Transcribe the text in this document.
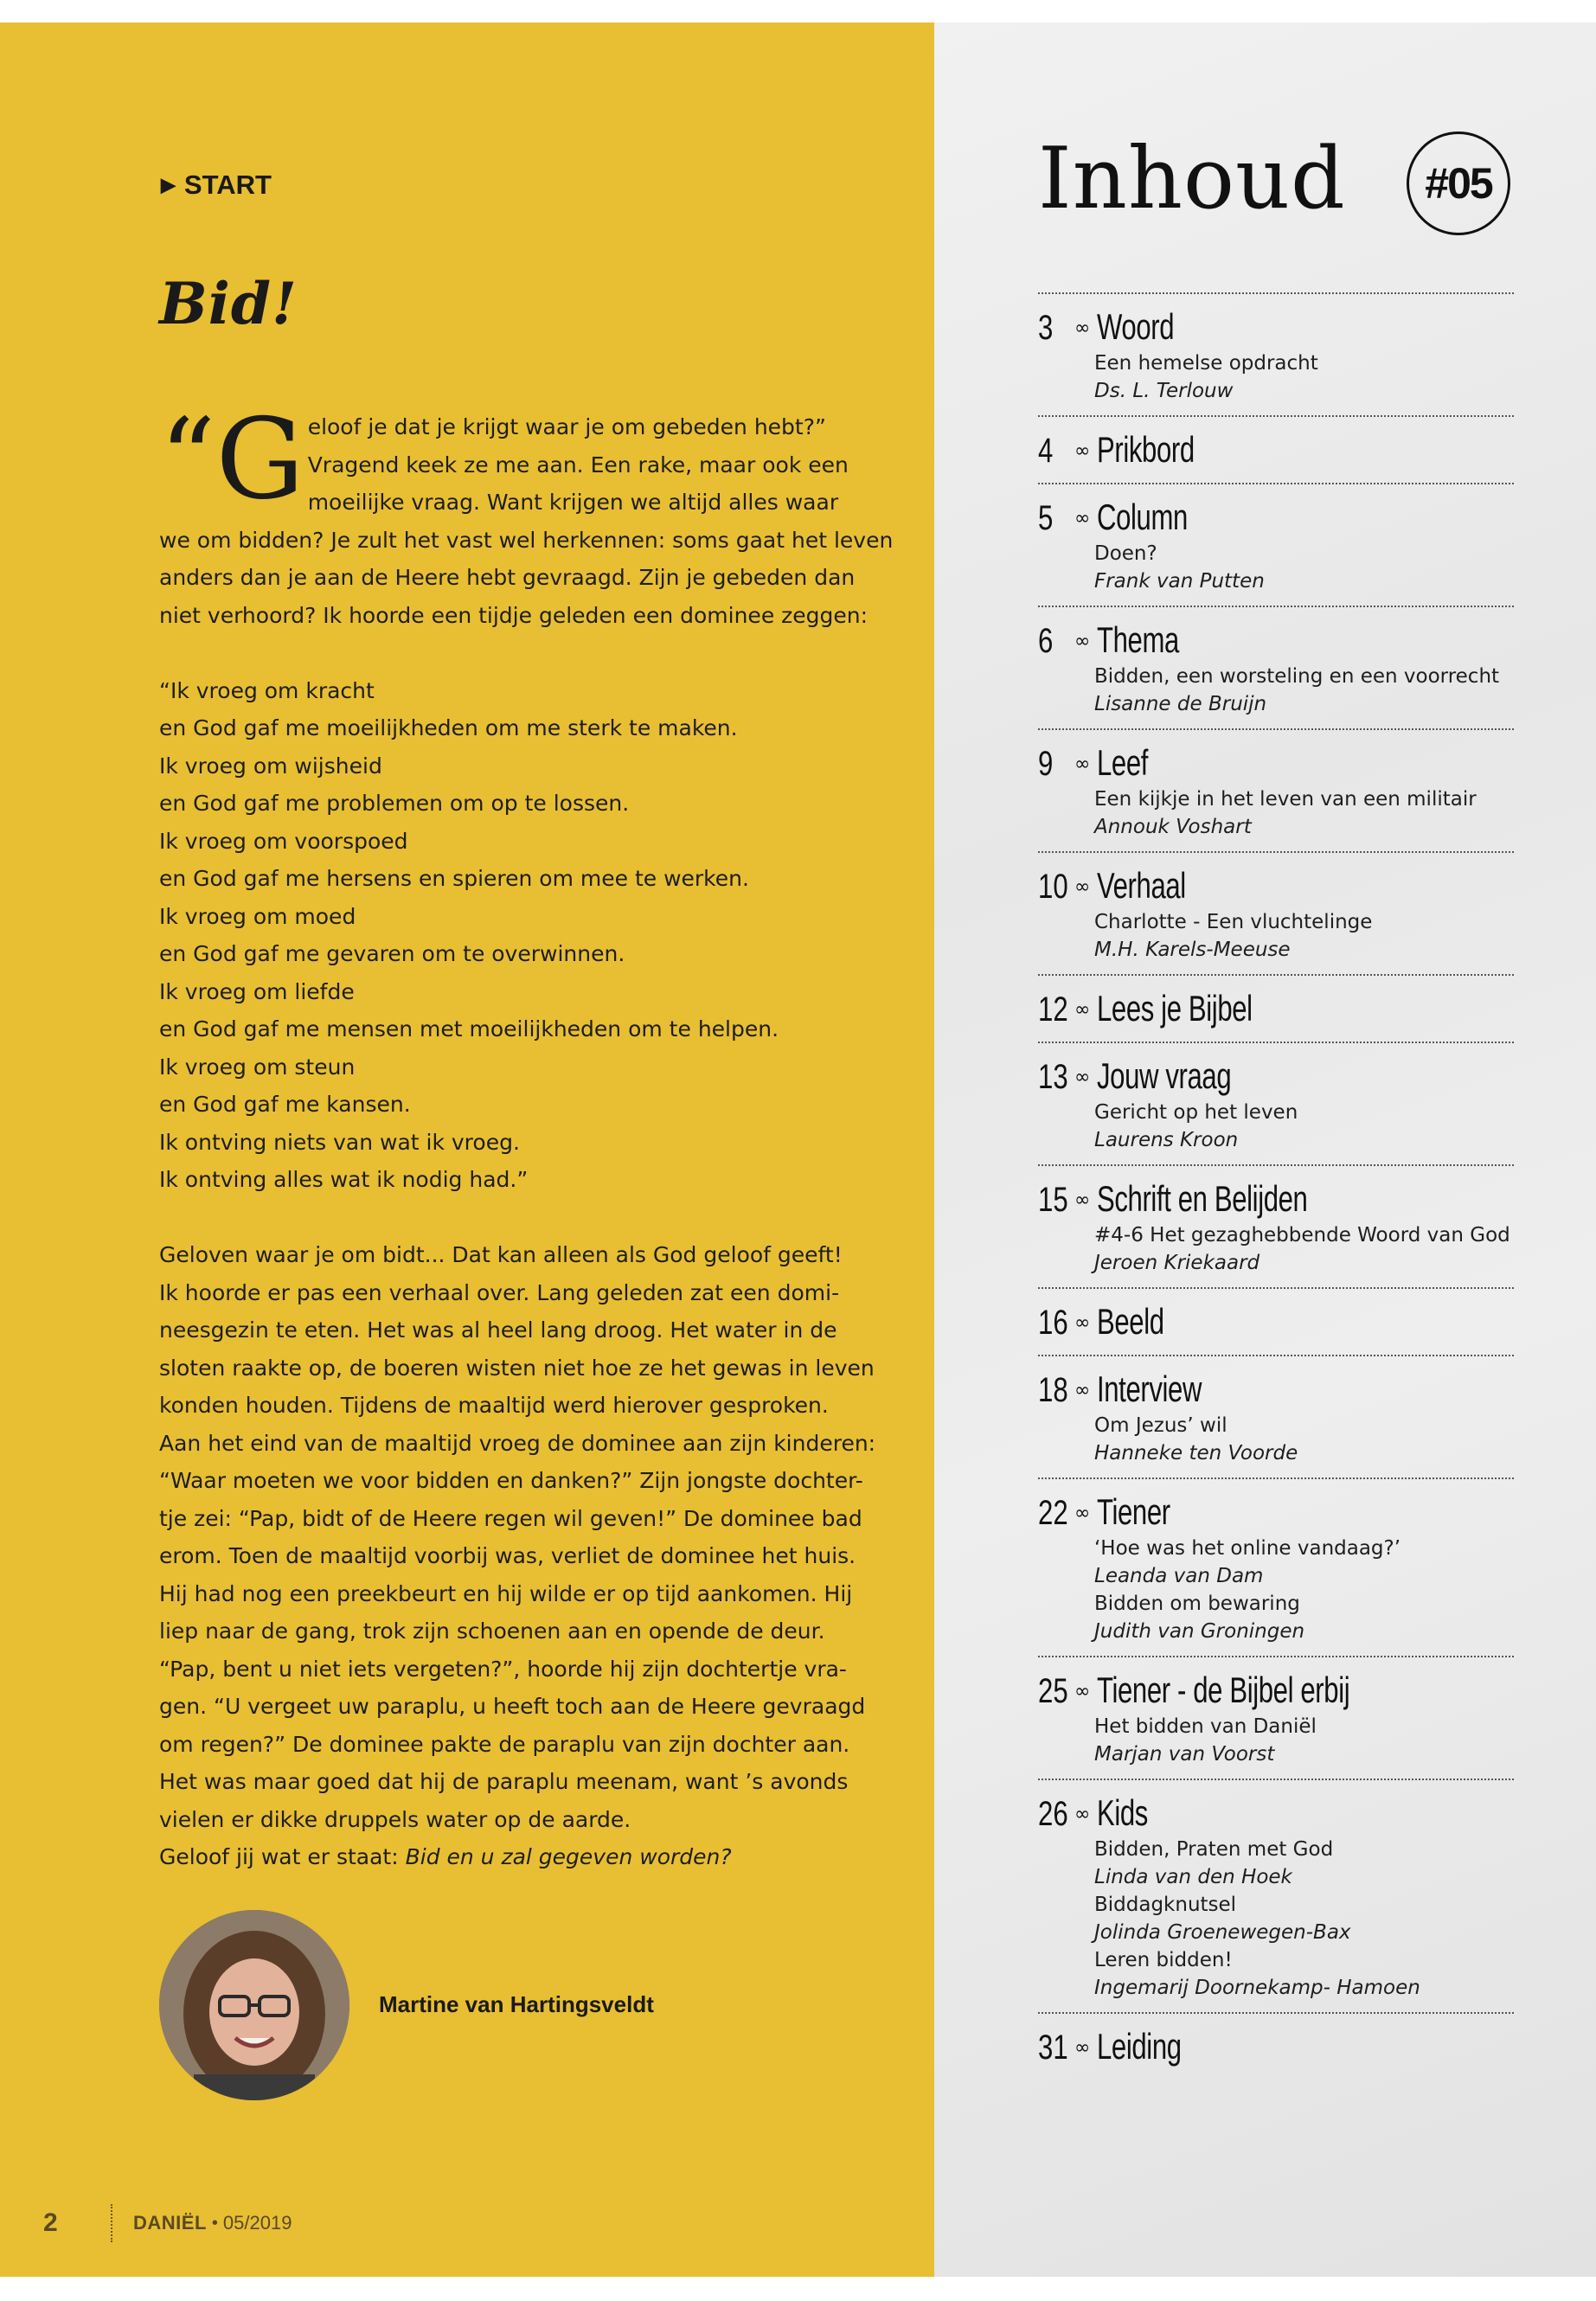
▶ START
Bid!
“G eloof je dat je krijgt waar je om gebeden hebt?”
Vragend keek ze me aan. Een rake, maar ook een
moeilijke vraag. Want krijgen we altijd alles waar
we om bidden? Je zult het vast wel herkennen: soms gaat het leven
anders dan je aan de Heere hebt gevraagd. Zijn je gebeden dan
niet verhoord? Ik hoorde een tijdje geleden een dominee zeggen:
“Ik vroeg om kracht
en God gaf me moeilijkheden om me sterk te maken.
Ik vroeg om wijsheid
en God gaf me problemen om op te lossen.
Ik vroeg om voorspoed
en God gaf me hersens en spieren om mee te werken.
Ik vroeg om moed
en God gaf me gevaren om te overwinnen.
Ik vroeg om liefde
en God gaf me mensen met moeilijkheden om te helpen.
Ik vroeg om steun
en God gaf me kansen.
Ik ontving niets van wat ik vroeg.
Ik ontving alles wat ik nodig had.”
Geloven waar je om bidt... Dat kan alleen als God geloof geeft!
Ik hoorde er pas een verhaal over. Lang geleden zat een domi-
neesgezin te eten. Het was al heel lang droog. Het water in de
sloten raakte op, de boeren wisten niet hoe ze het gewas in leven
konden houden. Tijdens de maaltijd werd hierover gesproken.
Aan het eind van de maaltijd vroeg de dominee aan zijn kinderen:
“Waar moeten we voor bidden en danken?” Zijn jongste dochter-
tje zei: “Pap, bidt of de Heere regen wil geven!” De dominee bad
erom. Toen de maaltijd voorbij was, verliet de dominee het huis.
Hij had nog een preekbeurt en hij wilde er op tijd aankomen. Hij
liep naar de gang, trok zijn schoenen aan en opende de deur.
“Pap, bent u niet iets vergeten?”, hoorde hij zijn dochtertje vra-
gen. “U vergeet uw paraplu, u heeft toch aan de Heere gevraagd
om regen?” De dominee pakte de paraplu van zijn dochter aan.
Het was maar goed dat hij de paraplu meenam, want ’s avonds
vielen er dikke druppels water op de aarde.
Geloof jij wat er staat: Bid en u zal gegeven worden?
Martine van Hartingsveldt
2	DANIËL • 05/2019
Inhoud	#05
3	∞ Woord
Een hemelse opdracht
Ds. L. Terlouw
4	∞ Prikbord
5	∞ Column
Doen?
Frank van Putten
6	∞ Thema
Bidden, een worsteling en een voorrecht
Lisanne de Bruijn
9	∞ Leef
Een kijkje in het leven van een militair
Annouk Voshart
10 ∞ Verhaal
Charlotte - Een vluchtelinge
M.H. Karels-Meeuse
12 ∞ Lees je Bijbel
13 ∞ Jouw vraag
Gericht op het leven
Laurens Kroon
15 ∞ Schrift en Belijden
#4-6 Het gezaghebbende Woord van God
Jeroen Kriekaard
16 ∞ Beeld
18 ∞ Interview
Om Jezus’ wil
Hanneke ten Voorde
22 ∞ Tiener
‘Hoe was het online vandaag?’
Leanda van Dam
Bidden om bewaring
Judith van Groningen
25 ∞ Tiener - de Bijbel erbij
Het bidden van Daniël
Marjan van Voorst
26 ∞ Kids
Bidden, Praten met God
Linda van den Hoek
Biddagknutsel
Jolinda Groenewegen-Bax
Leren bidden!
Ingemarij Doornekamp- Hamoen
31 ∞ Leiding
